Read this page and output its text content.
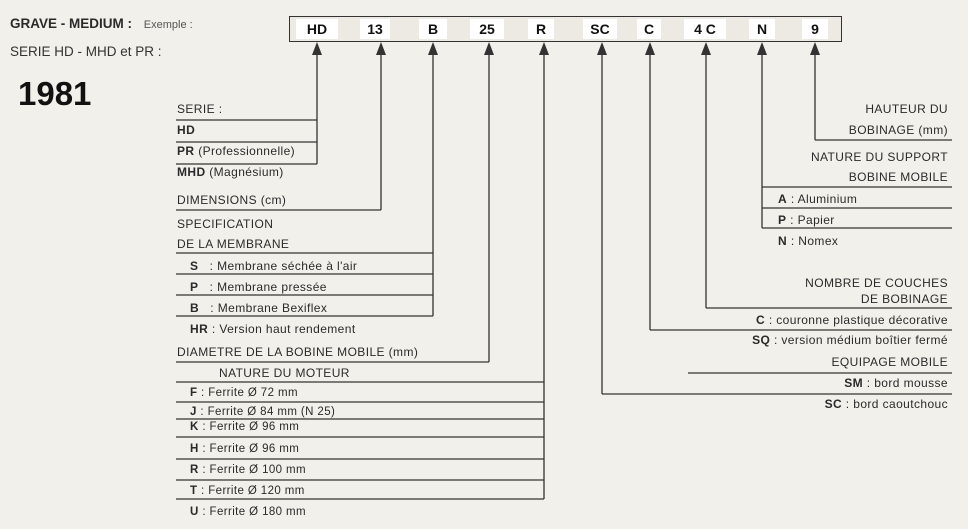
GRAVE - MEDIUM : Exemple :
SERIE HD - MHD et PR :
1981
HD	13	B	25	R	SC	C	4 C	N	9
SERIE :
HD
PR (Professionnelle)
MHD (Magnésium)
DIMENSIONS (cm)
SPECIFICATION
DE LA MEMBRANE
S : Membrane séchée à l'air
P : Membrane pressée
B : Membrane Bexiflex
HR : Version haut rendement
DIAMETRE DE LA BOBINE MOBILE (mm)
NATURE DU MOTEUR
F : Ferrite Ø 72 mm
J : Ferrite Ø 84 mm (N 25)
K : Ferrite Ø 96 mm
H : Ferrite Ø 96 mm
R : Ferrite Ø 100 mm
T : Ferrite Ø 120 mm
U : Ferrite Ø 180 mm
HAUTEUR DU
BOBINAGE (mm)
NATURE DU SUPPORT
BOBINE MOBILE
A : Aluminium
P : Papier
N : Nomex
NOMBRE DE COUCHES
DE BOBINAGE
C : couronne plastique décorative
SQ : version médium boîtier fermé
EQUIPAGE MOBILE
SM : bord mousse
SC : bord caoutchouc
